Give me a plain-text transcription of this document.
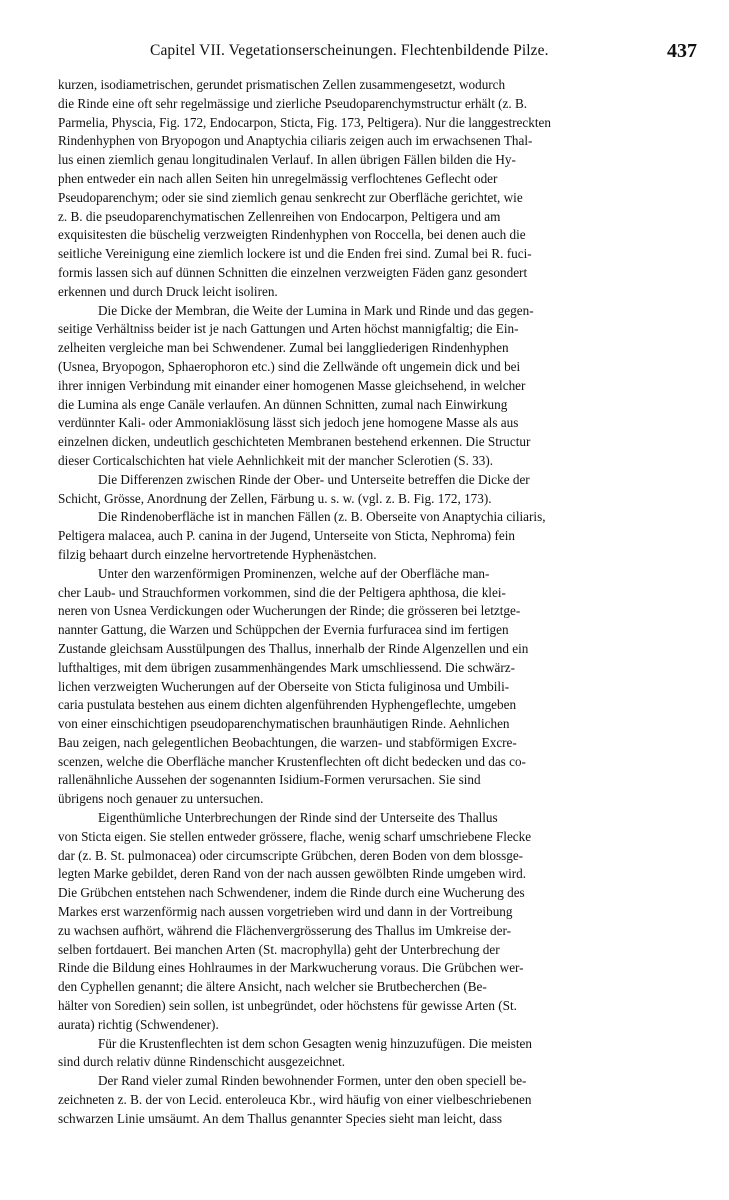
Capitel VII. Vegetationserscheinungen. Flechtenbildende Pilze.	437
kurzen, isodiametrischen, gerundet prismatischen Zellen zusammengesetzt, wodurch
die Rinde eine oft sehr regelmässige und zierliche Pseudoparenchymstructur erhält (z. B.
Parmelia, Physcia, Fig. 172, Endocarpon, Sticta, Fig. 173, Peltigera). Nur die langgestreckten
Rindenhyphen von Bryopogon und Anaptychia ciliaris zeigen auch im erwachsenen Thal-
lus einen ziemlich genau longitudinalen Verlauf. In allen übrigen Fällen bilden die Hy-
phen entweder ein nach allen Seiten hin unregelmässig verflochtenes Geflecht oder
Pseudoparenchym; oder sie sind ziemlich genau senkrecht zur Oberfläche gerichtet, wie
z. B. die pseudoparenchymatischen Zellenreihen von Endocarpon, Peltigera und am
exquisitesten die büschelig verzweigten Rindenhyphen von Roccella, bei denen auch die
seitliche Vereinigung eine ziemlich lockere ist und die Enden frei sind. Zumal bei R. fuci-
formis lassen sich auf dünnen Schnitten die einzelnen verzweigten Fäden ganz gesondert
erkennen und durch Druck leicht isoliren.
Die Dicke der Membran, die Weite der Lumina in Mark und Rinde und das gegen-
seitige Verhältniss beider ist je nach Gattungen und Arten höchst mannigfaltig; die Ein-
zelheiten vergleiche man bei Schwendener. Zumal bei langgliederigen Rindenhyphen
(Usnea, Bryopogon, Sphaerophoron etc.) sind die Zellwände oft ungemein dick und bei
ihrer innigen Verbindung mit einander einer homogenen Masse gleichsehend, in welcher
die Lumina als enge Canäle verlaufen. An dünnen Schnitten, zumal nach Einwirkung
verdünnter Kali- oder Ammoniaklösung lässt sich jedoch jene homogene Masse als aus
einzelnen dicken, undeutlich geschichteten Membranen bestehend erkennen. Die Structur
dieser Corticalschichten hat viele Aehnlichkeit mit der mancher Sclerotien (S. 33).
Die Differenzen zwischen Rinde der Ober- und Unterseite betreffen die Dicke der
Schicht, Grösse, Anordnung der Zellen, Färbung u. s. w. (vgl. z. B. Fig. 172, 173).
Die Rindenoberfläche ist in manchen Fällen (z. B. Oberseite von Anaptychia ciliaris,
Peltigera malacea, auch P. canina in der Jugend, Unterseite von Sticta, Nephroma) fein
filzig behaart durch einzelne hervortretende Hyphenästchen.
Unter den warzenförmigen Prominenzen, welche auf der Oberfläche man-
cher Laub- und Strauchformen vorkommen, sind die der Peltigera aphthosa, die klei-
neren von Usnea Verdickungen oder Wucherungen der Rinde; die grösseren bei letztge-
nannter Gattung, die Warzen und Schüppchen der Evernia furfuracea sind im fertigen
Zustande gleichsam Ausstülpungen des Thallus, innerhalb der Rinde Algenzellen und ein
lufthaltiges, mit dem übrigen zusammenhängendes Mark umschliessend. Die schwärz-
lichen verzweigten Wucherungen auf der Oberseite von Sticta fuliginosa und Umbili-
caria pustulata bestehen aus einem dichten algenführenden Hyphengeflechte, umgeben
von einer einschichtigen pseudoparenchymatischen braunhäutigen Rinde. Aehnlichen
Bau zeigen, nach gelegentlichen Beobachtungen, die warzen- und stabförmigen Excre-
scenzen, welche die Oberfläche mancher Krustenflechten oft dicht bedecken und das co-
rallenähnliche Aussehen der sogenannten Isidium-Formen verursachen. Sie sind
übrigens noch genauer zu untersuchen.
Eigenthümliche Unterbrechungen der Rinde sind der Unterseite des Thallus
von Sticta eigen. Sie stellen entweder grössere, flache, wenig scharf umschriebene Flecke
dar (z. B. St. pulmonacea) oder circumscripte Grübchen, deren Boden von dem blossge-
legten Marke gebildet, deren Rand von der nach aussen gewölbten Rinde umgeben wird.
Die Grübchen entstehen nach Schwendener, indem die Rinde durch eine Wucherung des
Markes erst warzenförmig nach aussen vorgetrieben wird und dann in der Vortreibung
zu wachsen aufhört, während die Flächenvergrösserung des Thallus im Umkreise der-
selben fortdauert. Bei manchen Arten (St. macrophylla) geht der Unterbrechung der
Rinde die Bildung eines Hohlraumes in der Markwucherung voraus. Die Grübchen wer-
den Cyphellen genannt; die ältere Ansicht, nach welcher sie Brutbecherchen (Be-
hälter von Soredien) sein sollen, ist unbegründet, oder höchstens für gewisse Arten (St.
aurata) richtig (Schwendener).
Für die Krustenflechten ist dem schon Gesagten wenig hinzuzufügen. Die meisten
sind durch relativ dünne Rindenschicht ausgezeichnet.
Der Rand vieler zumal Rinden bewohnender Formen, unter den oben speciell be-
zeichneten z. B. der von Lecid. enteroleuca Kbr., wird häufig von einer vielbeschriebenen
schwarzen Linie umsäumt. An dem Thallus genannter Species sieht man leicht, dass
